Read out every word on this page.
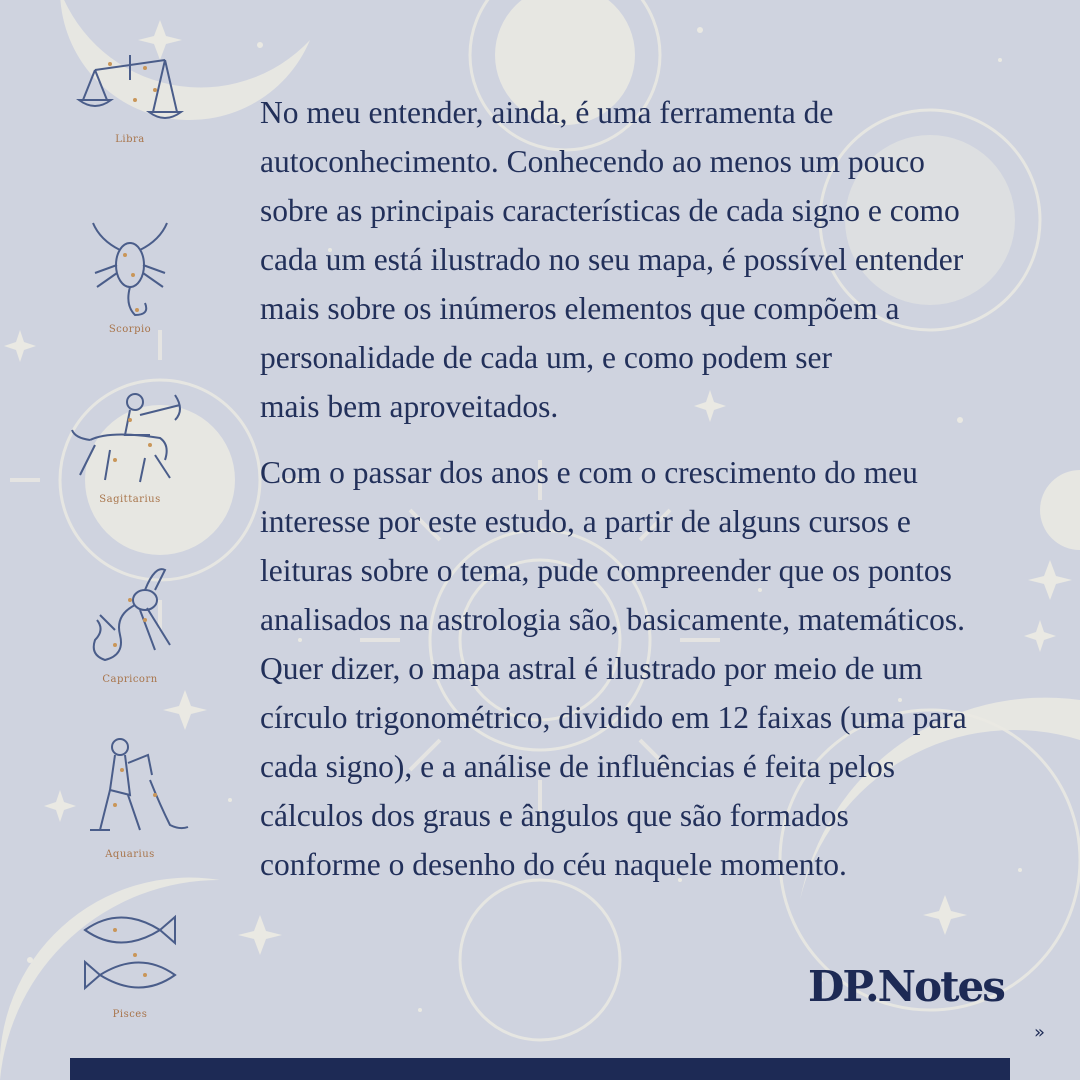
Libra
Scorpio
Sagittarius
Capricorn
Aquarius
Pisces
No meu entender, ainda, é uma ferramenta de
autoconhecimento. Conhecendo ao menos um pouco
sobre as principais características de cada signo e como
cada um está ilustrado no seu mapa, é possível entender
mais sobre os inúmeros elementos que compõem a
personalidade de cada um, e como podem ser
mais bem aproveitados.
Com o passar dos anos e com o crescimento do meu
interesse por este estudo, a partir de alguns cursos e
leituras sobre o tema, pude compreender que os pontos
analisados na astrologia são, basicamente, matemáticos.
Quer dizer, o mapa astral é ilustrado por meio de um
círculo trigonométrico, dividido em 12 faixas (uma para
cada signo), e a análise de influências é feita pelos
cálculos dos graus e ângulos que são formados
conforme o desenho do céu naquele momento.
DP.Notes
»
